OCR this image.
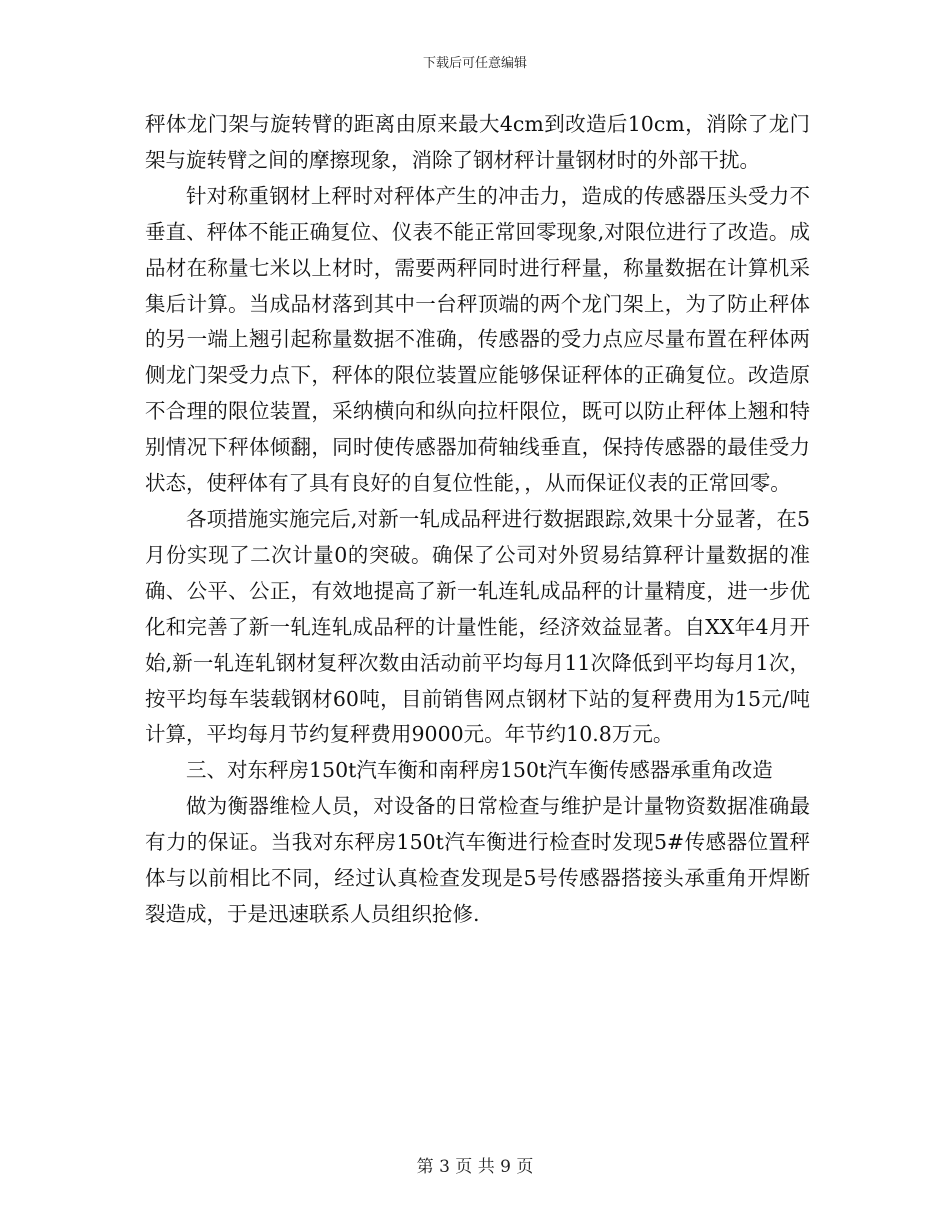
下载后可任意编辑

秤体龙门架与旋转臂的距离由原来最大4cm到改造后10cm，消除了龙门架与旋转臂之间的摩擦现象，消除了钢材秤计量钢材时的外部干扰。

针对称重钢材上秤时对秤体产生的冲击力，造成的传感器压头受力不垂直、秤体不能正确复位、仪表不能正常回零现象,对限位进行了改造。成品材在称量七米以上材时，需要两秤同时进行秤量，称量数据在计算机采集后计算。当成品材落到其中一台秤顶端的两个龙门架上，为了防止秤体的另一端上翘引起称量数据不准确，传感器的受力点应尽量布置在秤体两侧龙门架受力点下，秤体的限位装置应能够保证秤体的正确复位。改造原不合理的限位装置，采纳横向和纵向拉杆限位，既可以防止秤体上翘和特别情况下秤体倾翻，同时使传感器加荷轴线垂直，保持传感器的最佳受力状态，使秤体有了具有良好的自复位性能，，从而保证仪表的正常回零。

各项措施实施完后,对新一轧成品秤进行数据跟踪,效果十分显著，在5月份实现了二次计量0的突破。确保了公司对外贸易结算秤计量数据的准确、公平、公正，有效地提高了新一轧连轧成品秤的计量精度，进一步优化和完善了新一轧连轧成品秤的计量性能，经济效益显著。自XX年4月开始,新一轧连轧钢材复秤次数由活动前平均每月11次降低到平均每月1次，按平均每车装载钢材60吨，目前销售网点钢材下站的复秤费用为15元/吨计算，平均每月节约复秤费用9000元。年节约10.8万元。

三、对东秤房150t汽车衡和南秤房150t汽车衡传感器承重角改造

做为衡器维检人员，对设备的日常检查与维护是计量物资数据准确最有力的保证。当我对东秤房150t汽车衡进行检查时发现5#传感器位置秤体与以前相比不同，经过认真检查发现是5号传感器搭接头承重角开焊断裂造成，于是迅速联系人员组织抢修.

第 3 页 共 9 页
